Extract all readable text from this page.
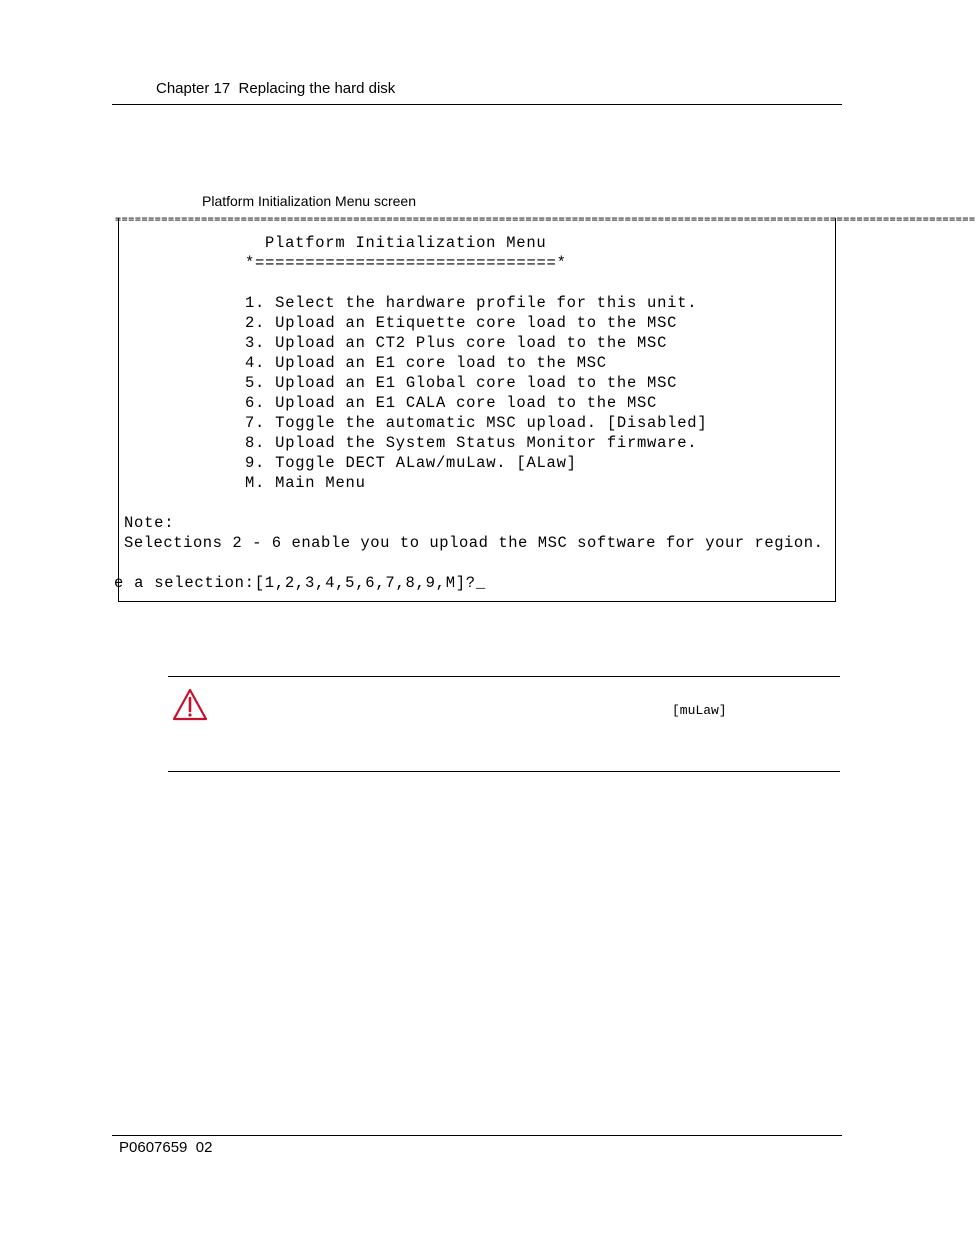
Chapter 17  Replacing the hard disk
Platform Initialization Menu screen
==================================================================================================================================
Platform Initialization Menu
*==============================*
1. Select the hardware profile for this unit.
2. Upload an Etiquette core load to the MSC
3. Upload an CT2 Plus core load to the MSC
4. Upload an E1 core load to the MSC
5. Upload an E1 Global core load to the MSC
6. Upload an E1 CALA core load to the MSC
7. Toggle the automatic MSC upload. [Disabled]
8. Upload the System Status Monitor firmware.
9. Toggle DECT ALaw/muLaw. [ALaw]
M. Main Menu
Note:
Selections 2 - 6 enable you to upload the MSC software for your region.
e a selection:[1,2,3,4,5,6,7,8,9,M]?_
[muLaw]
P0607659  02
